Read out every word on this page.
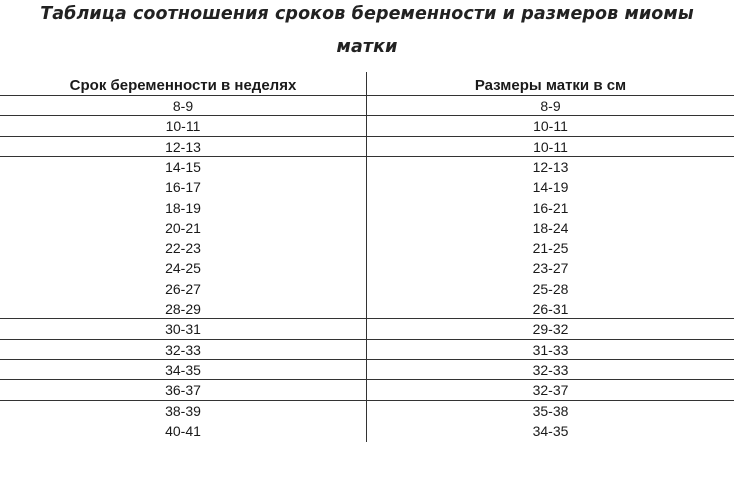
Таблица соотношения сроков беременности и размеров миомы
матки
Срок беременности в неделях	Размеры матки в см
8-9	8-9
10-11	10-11
12-13	10-11
14-15	12-13
16-17	14-19
18-19	16-21
20-21	18-24
22-23	21-25
24-25	23-27
26-27	25-28
28-29	26-31
30-31	29-32
32-33	31-33
34-35	32-33
36-37	32-37
38-39	35-38
40-41	34-35
